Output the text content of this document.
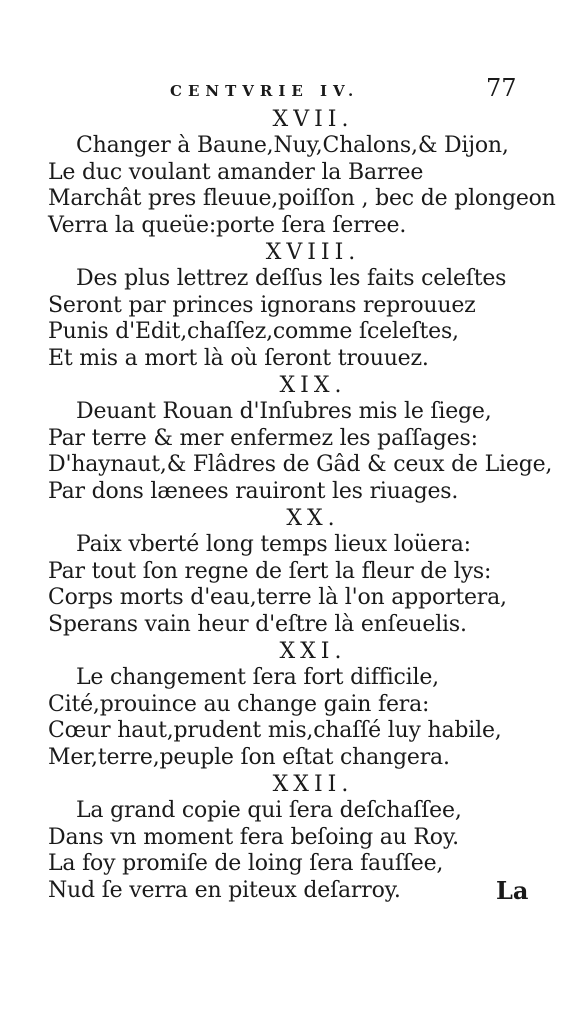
CENTVRIE IV.	77
XVII.
Changer à Baune,Nuy,Chalons,& Dijon,
Le duc voulant amander la Barree
Marchât pres fleuue,poiſſon , bec de plongeon
Verra la queüe:porte ſera ſerree.
XVIII.
Des plus lettrez deſſus les faits celeſtes
Seront par princes ignorans reprouuez
Punis d'Edit,chaſſez,comme ſceleſtes,
Et mis a mort là où ſeront trouuez.
XIX.
Deuant Rouan d'Inſubres mis le ſiege,
Par terre & mer enfermez les paſſages:
D'haynaut,& Flâdres de Gâd & ceux de Liege,
Par dons lænees rauiront les riuages.
XX.
Paix vberté long temps lieux loüera:
Par tout ſon regne de ſert la fleur de lys:
Corps morts d'eau,terre là l'on apportera,
Sperans vain heur d'eſtre là enſeuelis.
XXI.
Le changement ſera fort difficile,
Cité,prouince au change gain fera:
Cœur haut,prudent mis,chaſſé luy habile,
Mer,terre,peuple ſon eſtat changera.
XXII.
La grand copie qui ſera deſchaſſee,
Dans vn moment fera beſoing au Roy.
La foy promiſe de loing ſera fauſſee,
Nud ſe verra en piteux deſarroy.	La
